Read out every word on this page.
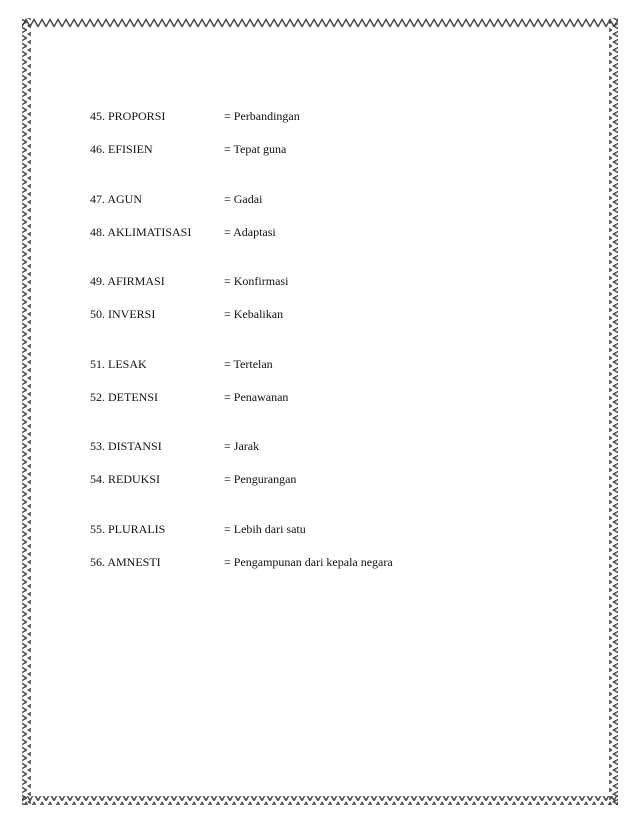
45. PROPORSI	= Perbandingan
46. EFISIEN	= Tepat guna
47. AGUN	= Gadai
48. AKLIMATISASI	= Adaptasi
49. AFIRMASI	= Konfirmasi
50. INVERSI	= Kebalikan
51. LESAK	= Tertelan
52. DETENSI	= Penawanan
53. DISTANSI	= Jarak
54. REDUKSI	= Pengurangan
55. PLURALIS	= Lebih dari satu
56. AMNESTI	= Pengampunan dari kepala negara
